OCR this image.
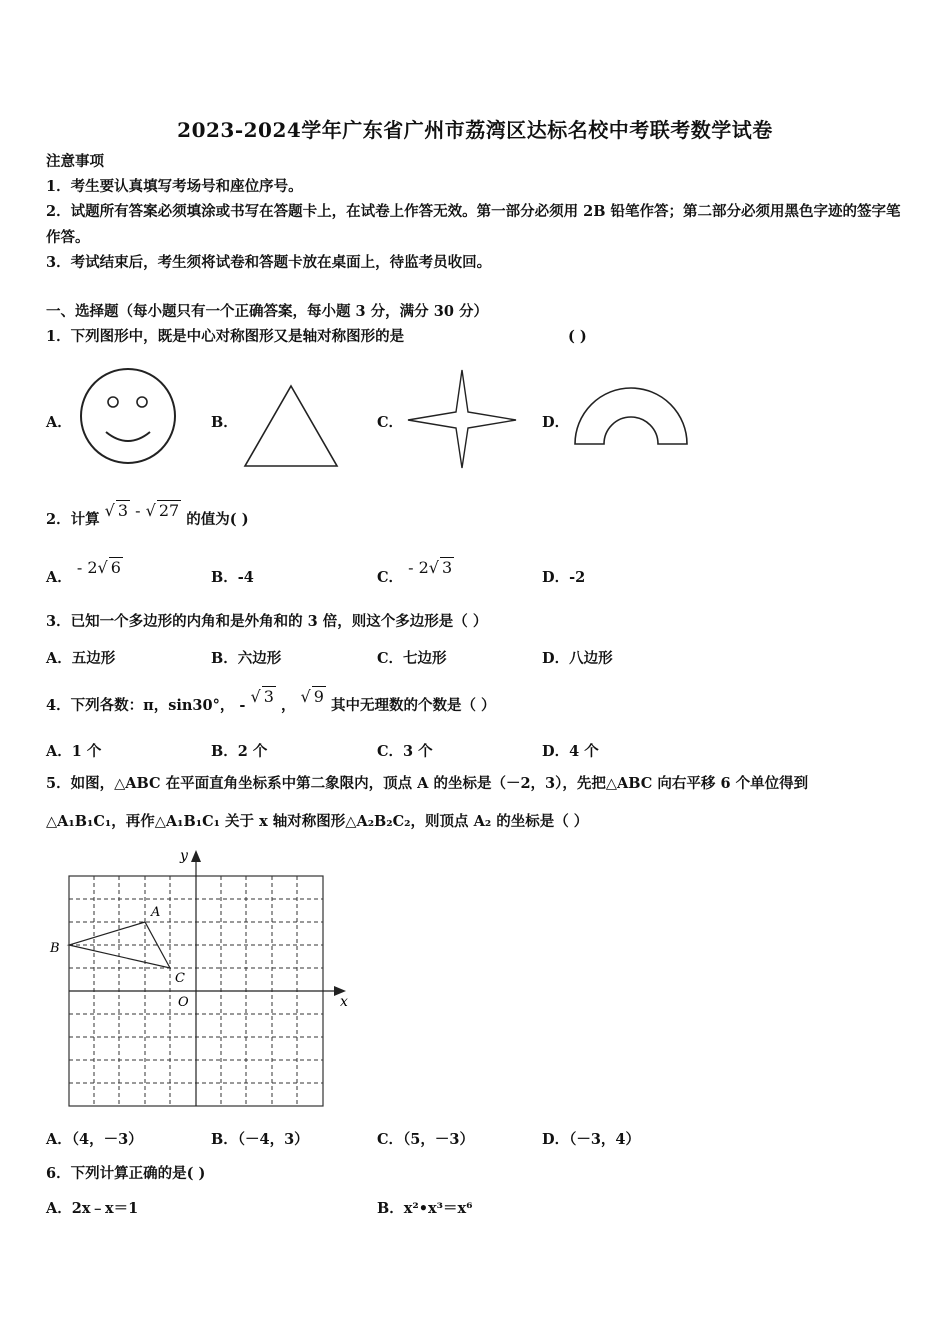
2023-2024学年广东省广州市荔湾区达标名校中考联考数学试卷
注意事项
1．考生要认真填写考场号和座位序号。
2．试题所有答案必须填涂或书写在答题卡上，在试卷上作答无效。第一部分必须用 2B 铅笔作答；第二部分必须用黑色字迹的签字笔作答。
3．考试结束后，考生须将试卷和答题卡放在桌面上，待监考员收回。
一、选择题（每小题只有一个正确答案，每小题 3 分，满分 30 分）
1．下列图形中，既是中心对称图形又是轴对称图形的是	( )
A．	B．	C．	D．
2．计算 √ 3 - √ 27 的值为( )
A． - 2√ 6
B．-4	C． - 2√ 3
D．-2
3．已知一个多边形的内角和是外角和的 3 倍，则这个多边形是（ ）
A．五边形	B．六边形	C．七边形	D．八边形
4．下列各数：π，sin30°， - √ 3 ， √ 9 其中无理数的个数是（ ）
A．1 个	B．2 个	C．3 个	D．4 个
5．如图，△ABC 在平面直角坐标系中第二象限内，顶点 A 的坐标是（－2，3），先把△ABC 向右平移 6 个单位得到
△A₁B₁C₁，再作△A₁B₁C₁ 关于 x 轴对称图形△A₂B₂C₂，则顶点 A₂ 的坐标是（ ）
y
x
O
A
B
C
A．（4，－3）	B．（－4，3）	C．（5，－3）	D．（－3，4）
6．下列计算正确的是( )
A．2x﹣x＝1	B．x²•x³＝x⁶
